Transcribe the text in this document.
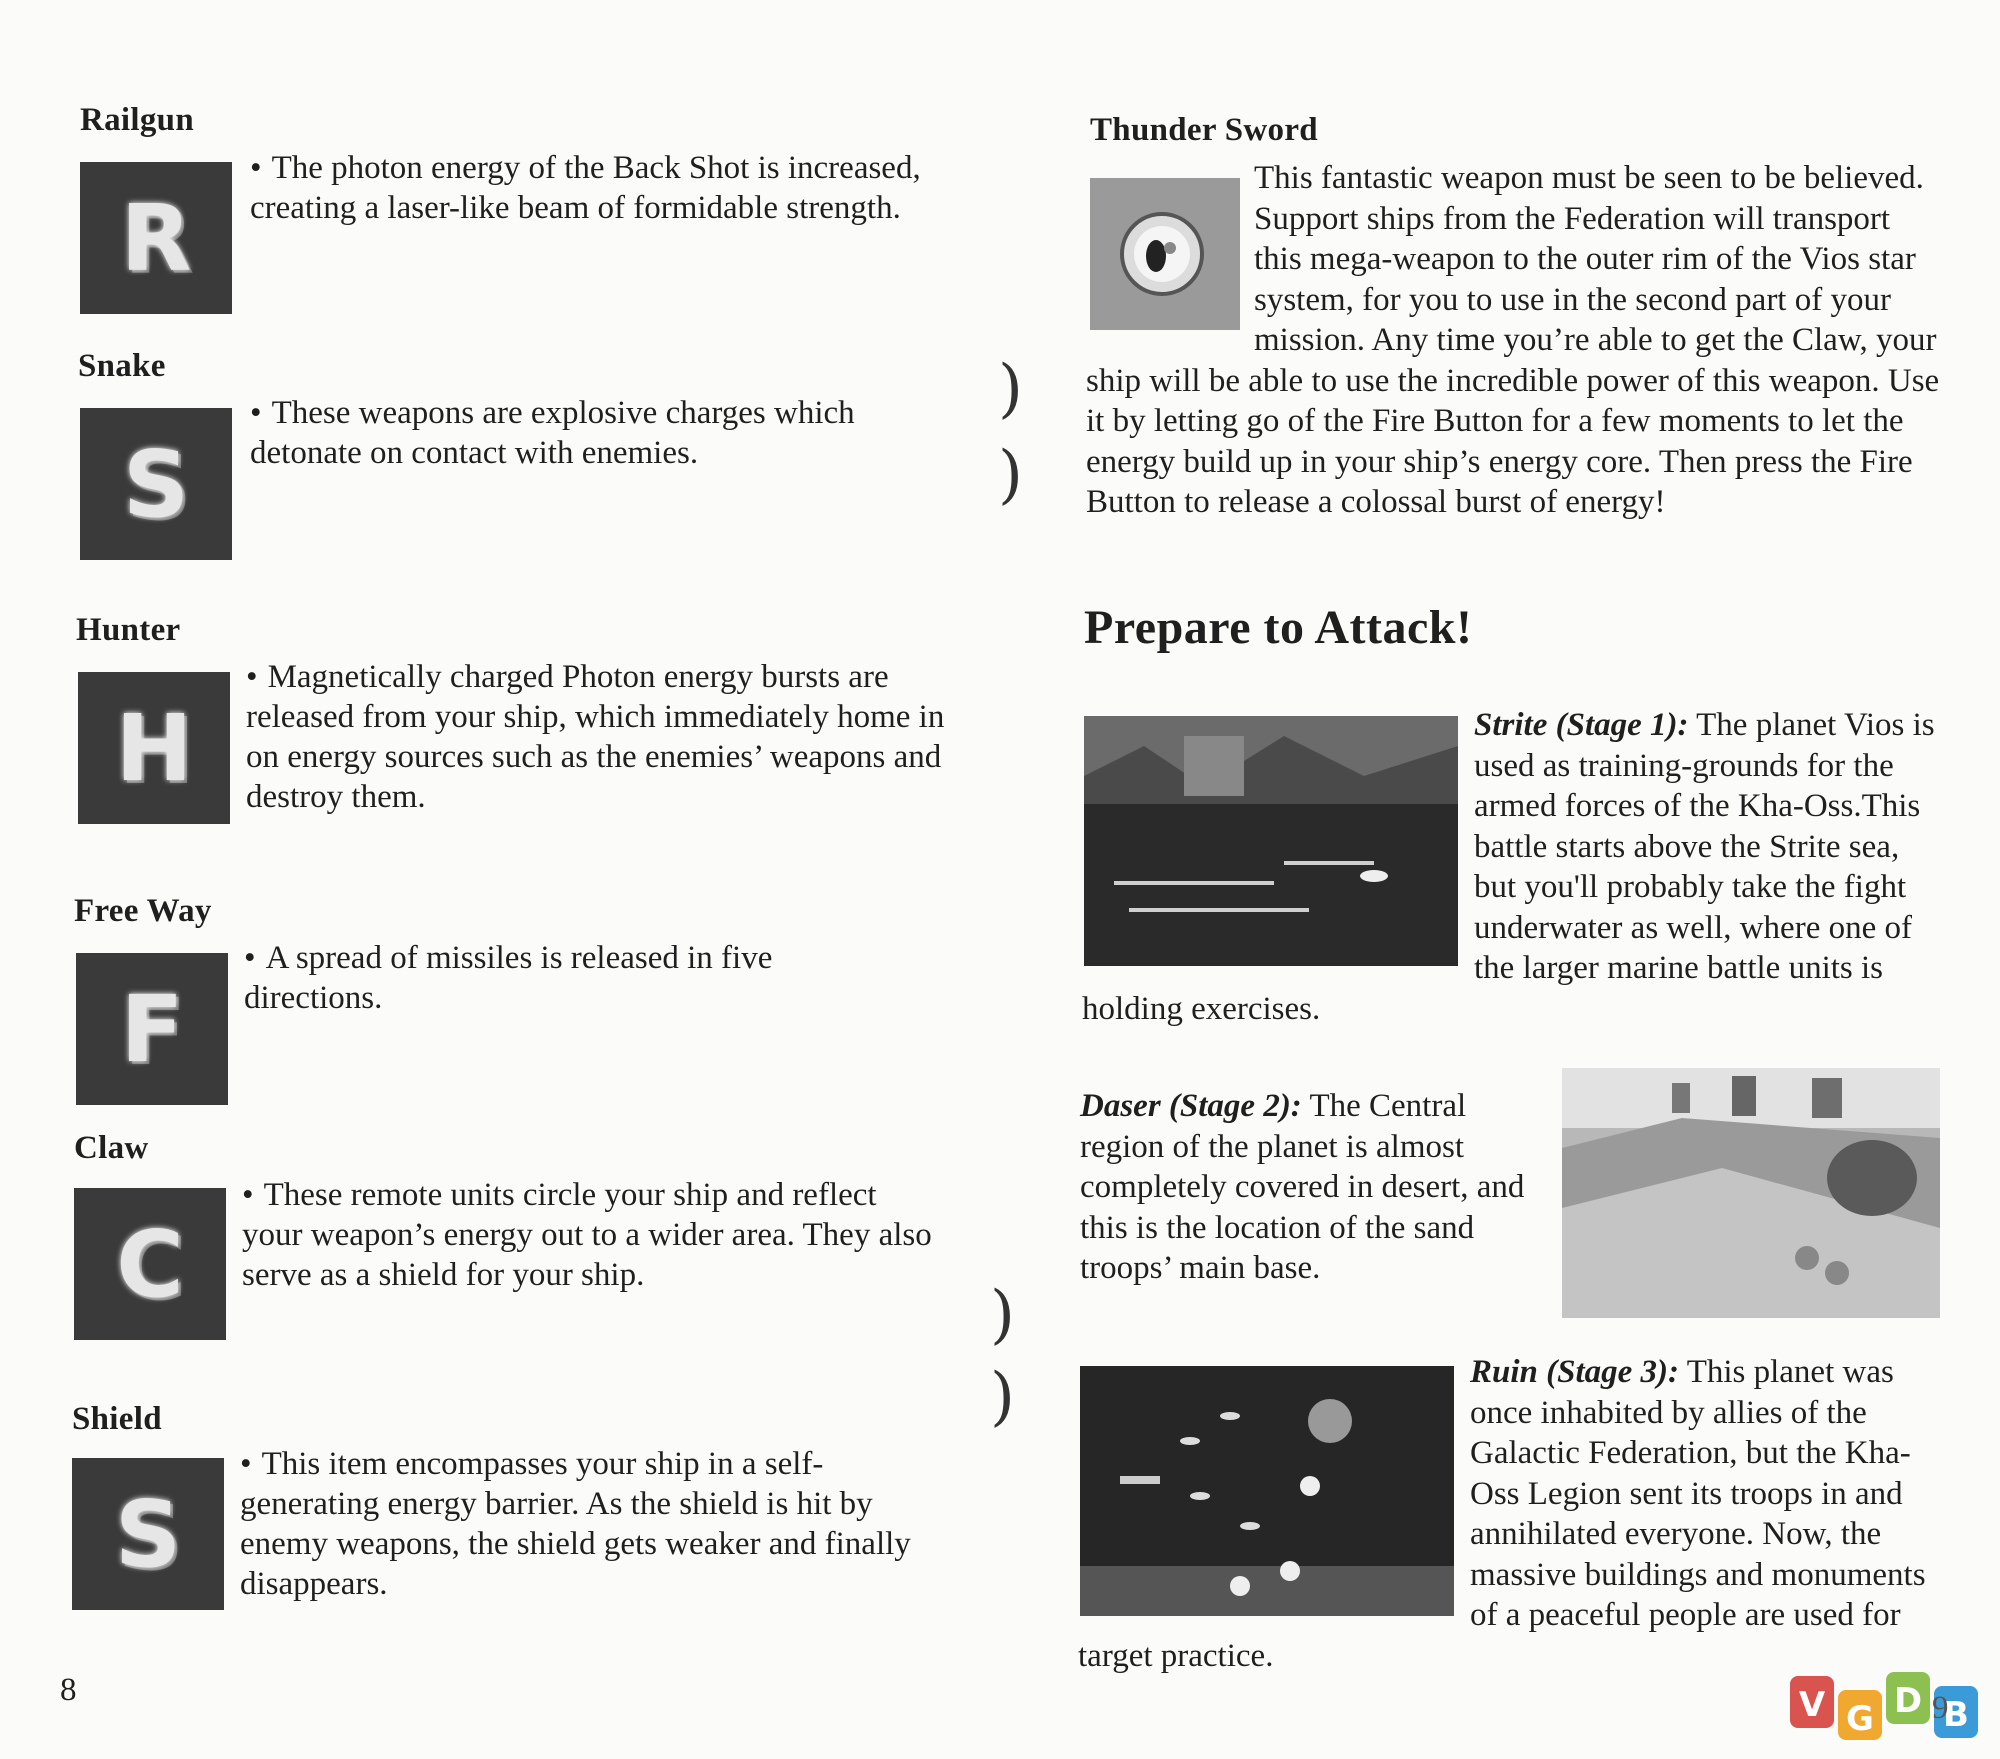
Railgun
R
• The photon energy of the Back Shot is increased, creating a laser-like beam of formidable strength.
Snake
S
• These weapons are explosive charges which detonate on contact with enemies.
Hunter
H
• Magnetically charged Photon energy bursts are released from your ship, which immediately home in on energy sources such as the enemies’ weapons and destroy them.
Free Way
F
• A spread of missiles is released in five directions.
Claw
C
• These remote units circle your ship and reflect your weapon’s energy out to a wider area. They also serve as a shield for your ship.
Shield
S
• This item encompasses your ship in a self-generating energy barrier. As the shield is hit by enemy weapons, the shield gets weaker and finally disappears.
8
)
)
)
)
Thunder Sword
This fantastic weapon must be seen to be believed. Support ships from the Federation will transport this mega-weapon to the outer rim of the Vios star system, for you to use in the second part of your mission. Any time you’re able to get the Claw, your ship will be able to use the incredible power of this weapon. Use it by letting go of the Fire Button for a few moments to let the energy build up in your ship’s energy core. Then press the Fire Button to release a colossal burst of energy!
Prepare to Attack!
Strite (Stage 1): The planet Vios is used as training-grounds for the armed forces of the Kha-Oss.This battle starts above the Strite sea, but you'll probably take the fight underwater as well, where one of the larger marine battle units is holding exercises.
Daser (Stage 2): The Central region of the planet is almost completely covered in desert, and this is the location of the sand troops’ main base.
Ruin (Stage 3): This planet was once inhabited by allies of the Galactic Federation, but the Kha-Oss Legion sent its troops in and annihilated everyone. Now, the massive buildings and monuments of a peaceful people are used for target practice.
V G D B
9
